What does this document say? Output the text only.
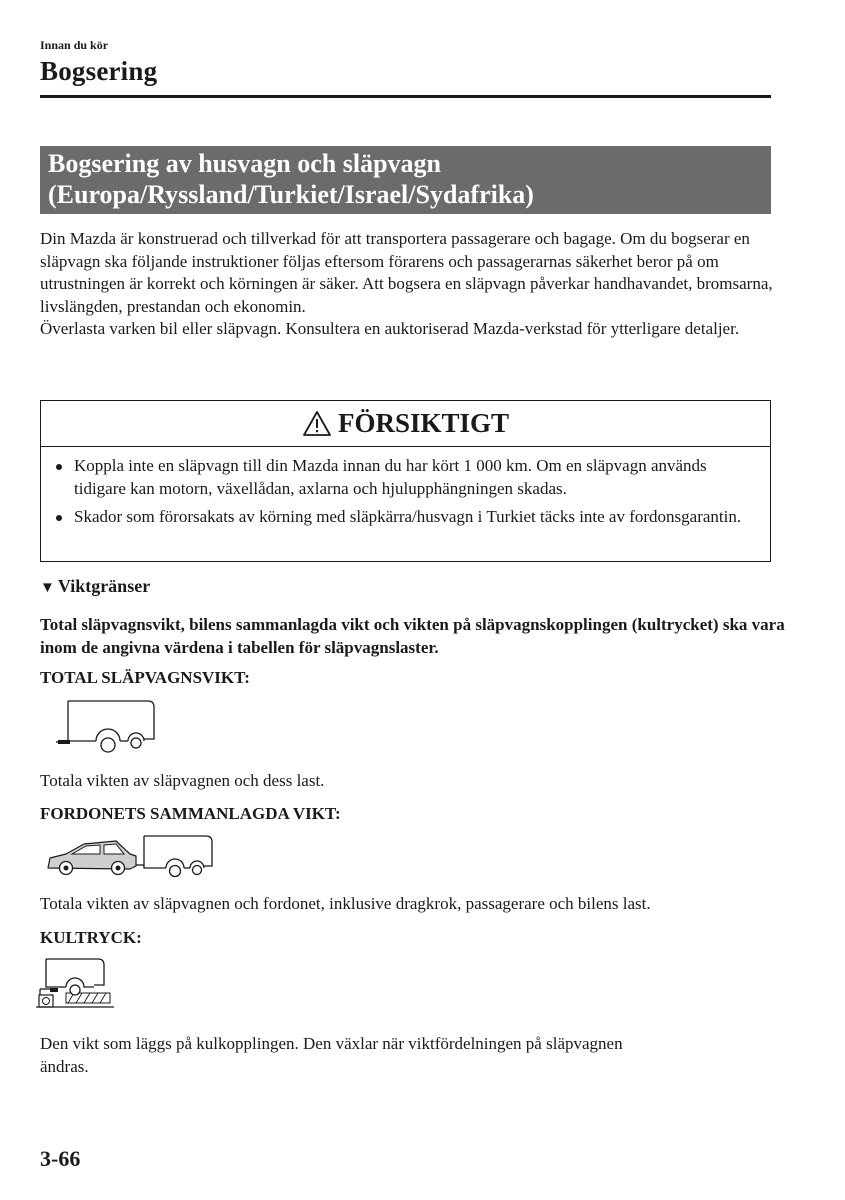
Innan du kör
Bogsering
Bogsering av husvagn och släpvagn
(Europa/Ryssland/Turkiet/Israel/Sydafrika)

Din Mazda är konstruerad och tillverkad för att transportera passagerare och bagage. Om du bogserar en släpvagn ska följande instruktioner följas eftersom förarens och passagerarnas säkerhet beror på om utrustningen är korrekt och körningen är säker. Att bogsera en släpvagn påverkar handhavandet, bromsarna, livslängden, prestandan och ekonomin.

Överlasta varken bil eller släpvagn. Konsultera en auktoriserad Mazda-verkstad för ytterligare detaljer.

FÖRSIKTIGT
Koppla inte en släpvagn till din Mazda innan du har kört 1 000 km. Om en släpvagn används tidigare kan motorn, växellådan, axlarna och hjulupphängningen skadas.
Skador som förorsakats av körning med släpkärra/husvagn i Turkiet täcks inte av fordonsgarantin.
▼ Viktgränser
Total släpvagnsvikt, bilens sammanlagda vikt och vikten på släpvagnskopplingen (kultrycket) ska vara inom de angivna värdena i tabellen för släpvagnslaster.
TOTAL SLÄPVAGNSVIKT:
Totala vikten av släpvagnen och dess last.
FORDONETS SAMMANLAGDA VIKT:
Totala vikten av släpvagnen och fordonet, inklusive dragkrok, passagerare och bilens last.
KULTRYCK:
Den vikt som läggs på kulkopplingen. Den växlar när viktfördelningen på släpvagnen ändras.
3-66
